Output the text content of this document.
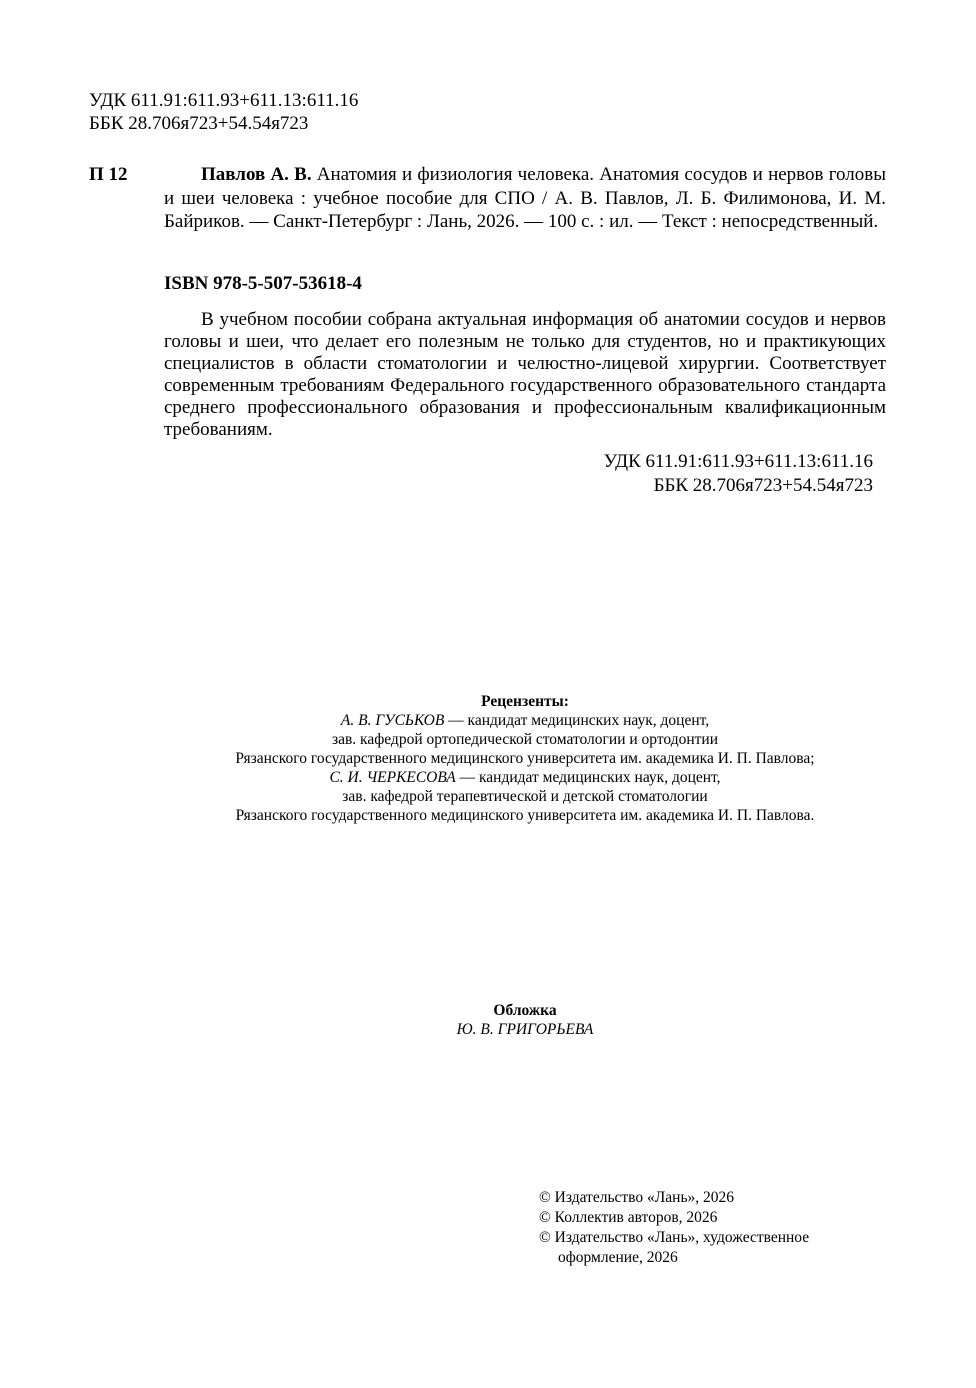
УДК 611.91:611.93+611.13:611.16
ББК 28.706я723+54.54я723
П 12	Павлов А. В. Анатомия и физиология человека. Анатомия сосудов и нервов головы и шеи человека : учебное пособие для СПО / А. В. Павлов, Л. Б. Филимонова, И. М. Байриков. — Санкт-Петербург : Лань, 2026. — 100 с. : ил. — Текст : непосредственный.
ISBN 978-5-507-53618-4
В учебном пособии собрана актуальная информация об анатомии сосудов и нервов головы и шеи, что делает его полезным не только для студентов, но и практикующих специалистов в области стоматологии и челюстно-лицевой хирургии. Соответствует современным требованиям Федерального государственного образовательного стандарта среднего профессионального образования и профессиональным квалификационным требованиям.
УДК 611.91:611.93+611.13:611.16
ББК 28.706я723+54.54я723
Рецензенты:
А. В. ГУСЬКОВ — кандидат медицинских наук, доцент,
зав. кафедрой ортопедической стоматологии и ортодонтии
Рязанского государственного медицинского университета им. академика И. П. Павлова;
С. И. ЧЕРКЕСОВА — кандидат медицинских наук, доцент,
зав. кафедрой терапевтической и детской стоматологии
Рязанского государственного медицинского университета им. академика И. П. Павлова.
Обложка
Ю. В. ГРИГОРЬЕВА
© Издательство «Лань», 2026
© Коллектив авторов, 2026
© Издательство «Лань», художественное
оформление, 2026
